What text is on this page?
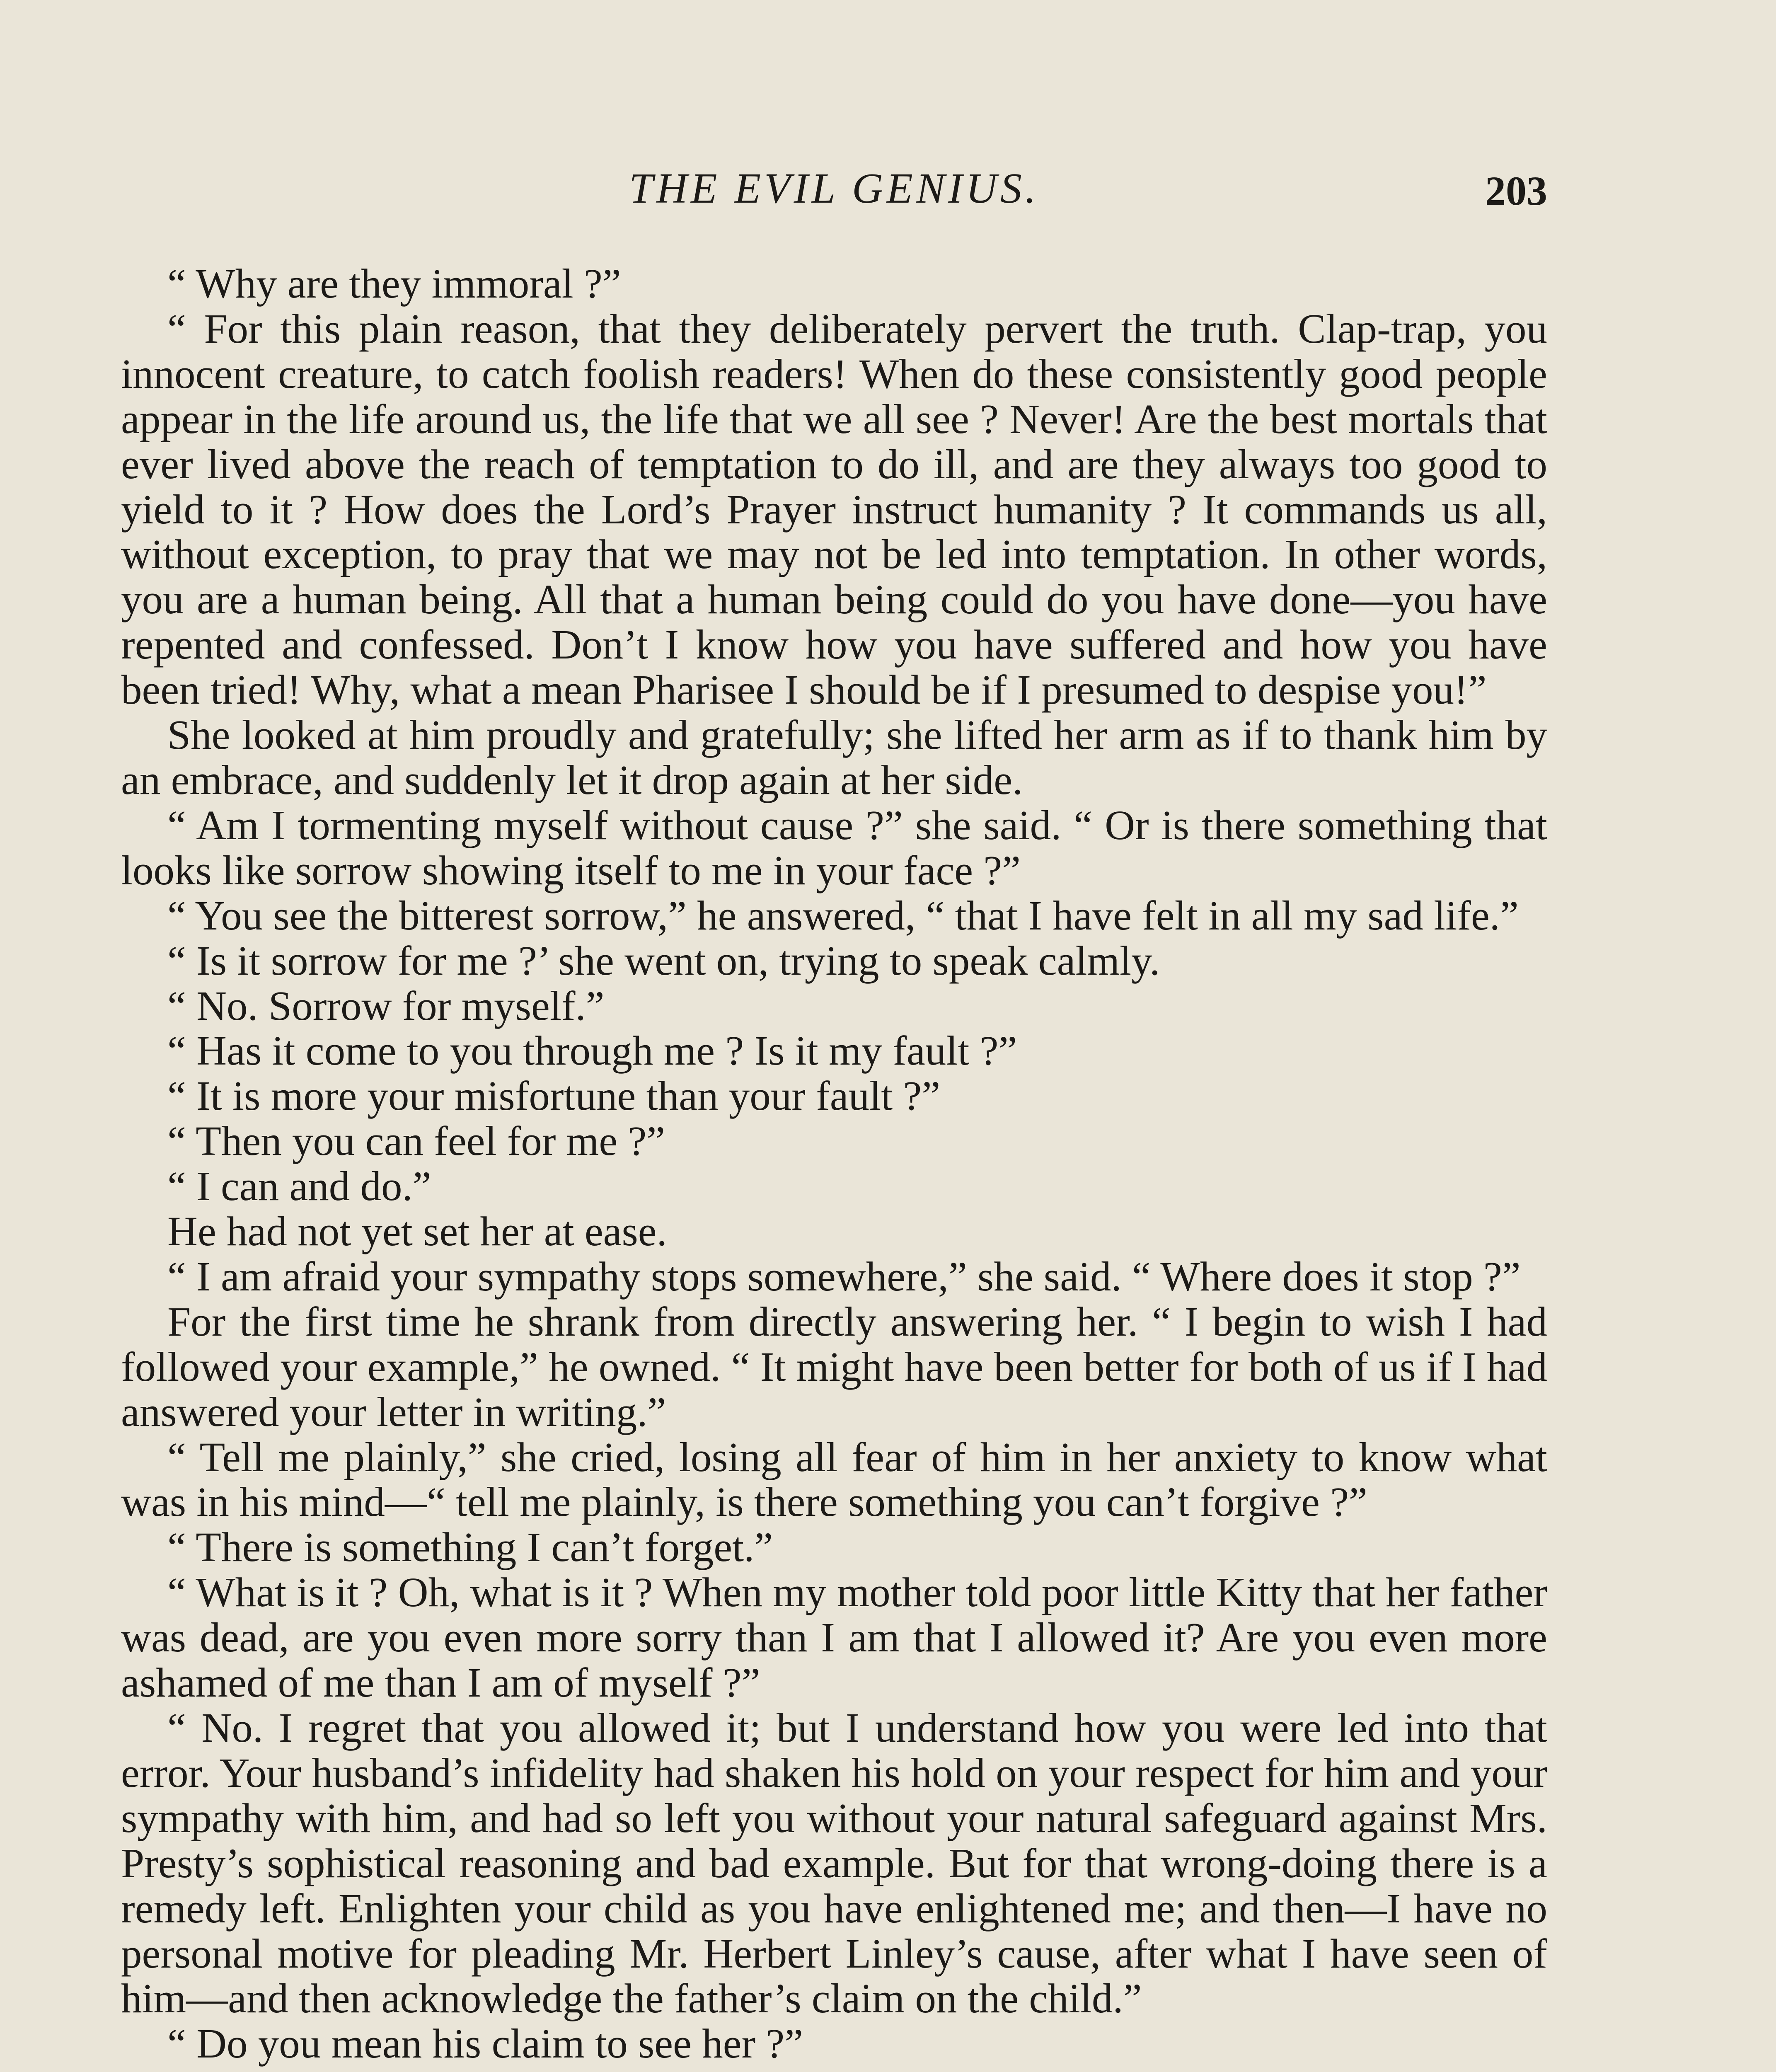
THE EVIL GENIUS.	203

“ Why are they immoral ?”

“ For this plain reason, that they deliberately pervert the truth. Clap-trap, you innocent creature, to catch foolish readers! When do these consistently good people appear in the life around us, the life that we all see ? Never! Are the best mortals that ever lived above the reach of temptation to do ill, and are they always too good to yield to it ? How does the Lord’s Prayer instruct humanity ? It commands us all, without exception, to pray that we may not be led into temptation. In other words, you are a human being. All that a human being could do you have done—you have repented and confessed. Don’t I know how you have suffered and how you have been tried! Why, what a mean Pharisee I should be if I presumed to despise you!”

She looked at him proudly and gratefully; she lifted her arm as if to thank him by an embrace, and suddenly let it drop again at her side.

“ Am I tormenting myself without cause ?” she said. “ Or is there something that looks like sorrow showing itself to me in your face ?”

“ You see the bitterest sorrow,” he answered, “ that I have felt in all my sad life.”

“ Is it sorrow for me ?’ she went on, trying to speak calmly.

“ No. Sorrow for myself.”

“ Has it come to you through me ? Is it my fault ?”

“ It is more your misfortune than your fault ?”

“ Then you can feel for me ?”

“ I can and do.”

He had not yet set her at ease.

“ I am afraid your sympathy stops somewhere,” she said. “ Where does it stop ?”

For the first time he shrank from directly answering her. “ I begin to wish I had followed your example,” he owned. “ It might have been better for both of us if I had answered your letter in writing.”

“ Tell me plainly,” she cried, losing all fear of him in her anxiety to know what was in his mind—“ tell me plainly, is there something you can’t forgive ?”

“ There is something I can’t forget.”

“ What is it ? Oh, what is it ? When my mother told poor little Kitty that her father was dead, are you even more sorry than I am that I allowed it? Are you even more ashamed of me than I am of myself ?”

“ No. I regret that you allowed it; but I understand how you were led into that error. Your husband’s infidelity had shaken his hold on your respect for him and your sympathy with him, and had so left you without your natural safeguard against Mrs. Presty’s sophistical reasoning and bad example. But for that wrong-doing there is a remedy left. Enlighten your child as you have enlightened me; and then—I have no personal motive for pleading Mr. Herbert Linley’s cause, after what I have seen of him—and then acknowledge the father’s claim on the child.”

“ Do you mean his claim to see her ?”
